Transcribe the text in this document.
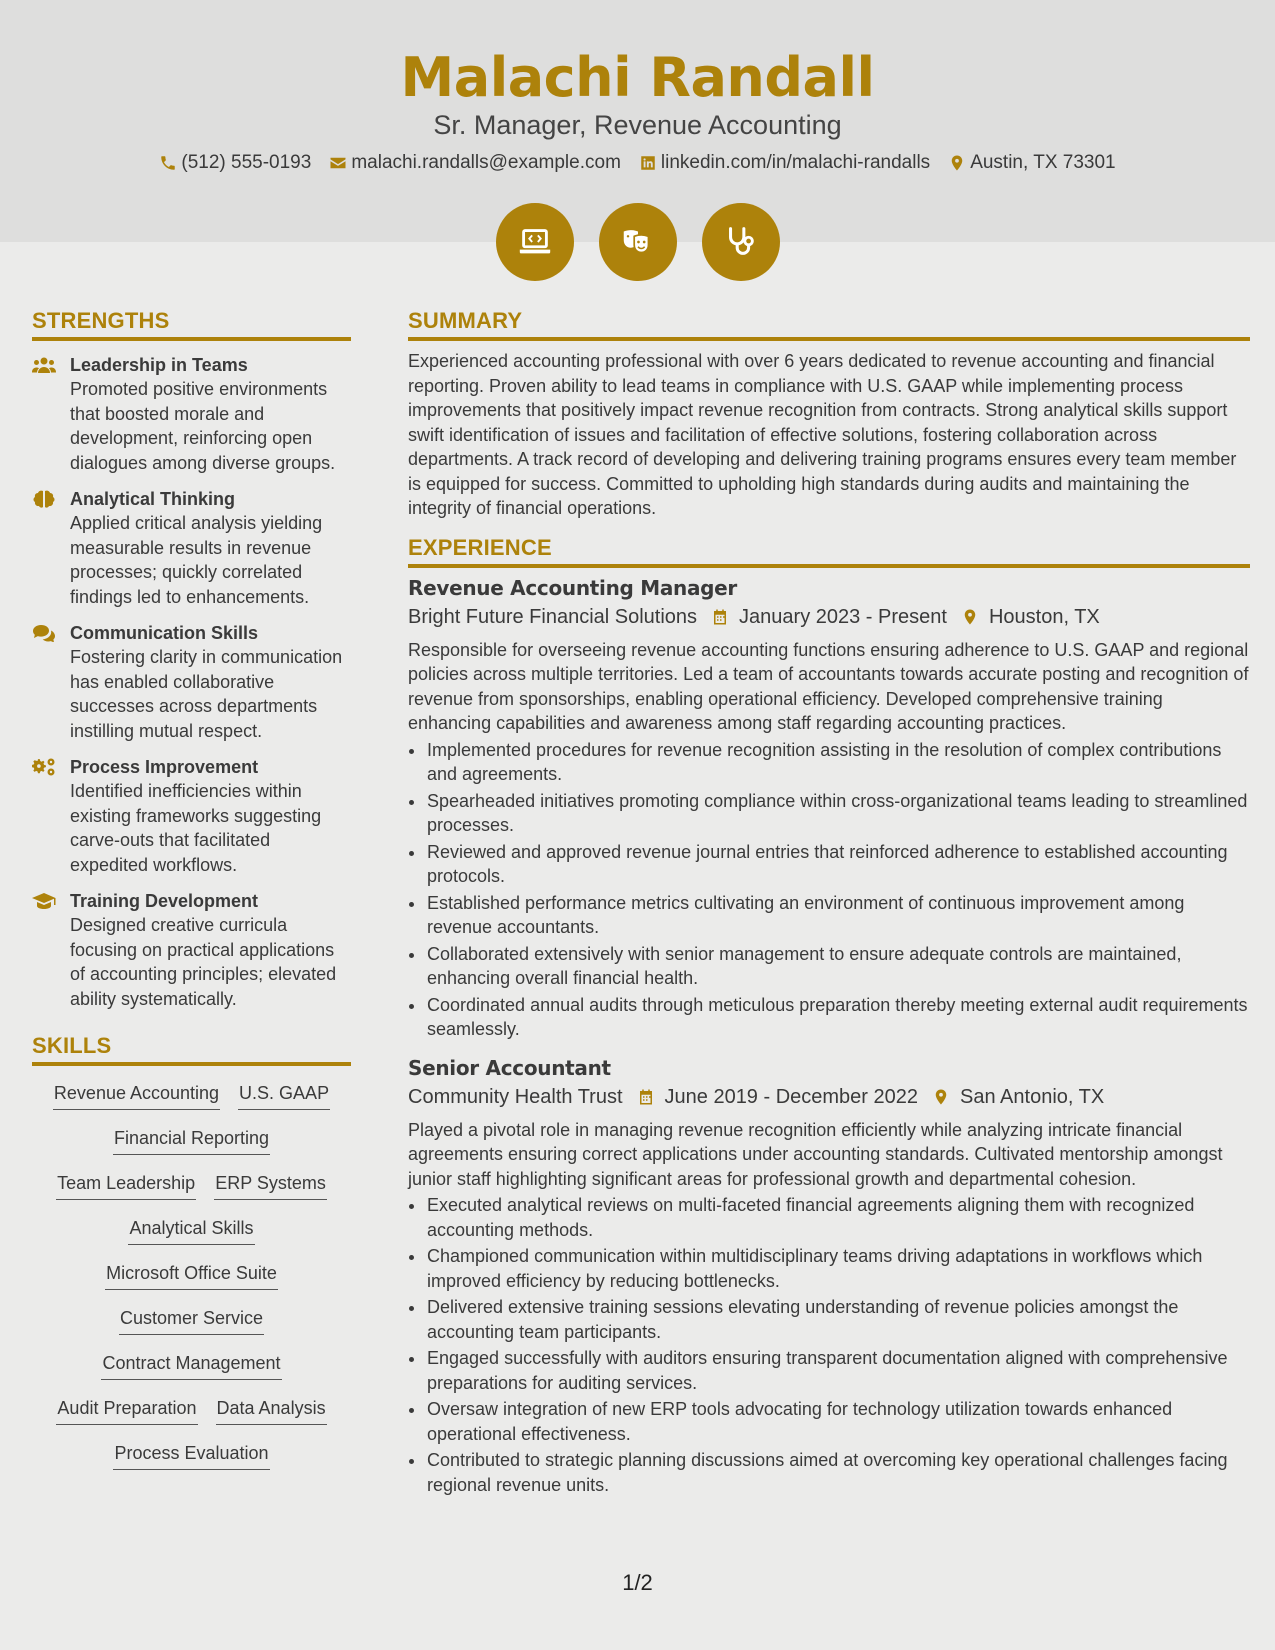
Malachi Randall
Sr. Manager, Revenue Accounting
(512) 555-0193 malachi.randalls@example.com linkedin.com/in/malachi-randalls Austin, TX 73301
STRENGTHS
Leadership in Teams
Promoted positive environments that boosted morale and development, reinforcing open dialogues among diverse groups.
Analytical Thinking
Applied critical analysis yielding measurable results in revenue processes; quickly correlated findings led to enhancements.
Communication Skills
Fostering clarity in communication has enabled collaborative successes across departments instilling mutual respect.
Process Improvement
Identified inefficiencies within existing frameworks suggesting carve-outs that facilitated expedited workflows.
Training Development
Designed creative curricula focusing on practical applications of accounting principles; elevated ability systematically.
SKILLS
Revenue Accounting U.S. GAAP
Financial Reporting
Team Leadership ERP Systems
Analytical Skills
Microsoft Office Suite
Customer Service
Contract Management
Audit Preparation Data Analysis
Process Evaluation
SUMMARY
Experienced accounting professional with over 6 years dedicated to revenue accounting and financial reporting. Proven ability to lead teams in compliance with U.S. GAAP while implementing process improvements that positively impact revenue recognition from contracts. Strong analytical skills support swift identification of issues and facilitation of effective solutions, fostering collaboration across departments. A track record of developing and delivering training programs ensures every team member is equipped for success. Committed to upholding high standards during audits and maintaining the integrity of financial operations.
EXPERIENCE
Revenue Accounting Manager
Bright Future Financial Solutions January 2023 - Present Houston, TX
Responsible for overseeing revenue accounting functions ensuring adherence to U.S. GAAP and regional policies across multiple territories. Led a team of accountants towards accurate posting and recognition of revenue from sponsorships, enabling operational efficiency. Developed comprehensive training enhancing capabilities and awareness among staff regarding accounting practices.
• Implemented procedures for revenue recognition assisting in the resolution of complex contributions and agreements.
• Spearheaded initiatives promoting compliance within cross-organizational teams leading to streamlined processes.
• Reviewed and approved revenue journal entries that reinforced adherence to established accounting protocols.
• Established performance metrics cultivating an environment of continuous improvement among revenue accountants.
• Collaborated extensively with senior management to ensure adequate controls are maintained, enhancing overall financial health.
• Coordinated annual audits through meticulous preparation thereby meeting external audit requirements seamlessly.
Senior Accountant
Community Health Trust June 2019 - December 2022 San Antonio, TX
Played a pivotal role in managing revenue recognition efficiently while analyzing intricate financial agreements ensuring correct applications under accounting standards. Cultivated mentorship amongst junior staff highlighting significant areas for professional growth and departmental cohesion.
• Executed analytical reviews on multi-faceted financial agreements aligning them with recognized accounting methods.
• Championed communication within multidisciplinary teams driving adaptations in workflows which improved efficiency by reducing bottlenecks.
• Delivered extensive training sessions elevating understanding of revenue policies amongst the accounting team participants.
• Engaged successfully with auditors ensuring transparent documentation aligned with comprehensive preparations for auditing services.
• Oversaw integration of new ERP tools advocating for technology utilization towards enhanced operational effectiveness.
• Contributed to strategic planning discussions aimed at overcoming key operational challenges facing regional revenue units.
1/2
